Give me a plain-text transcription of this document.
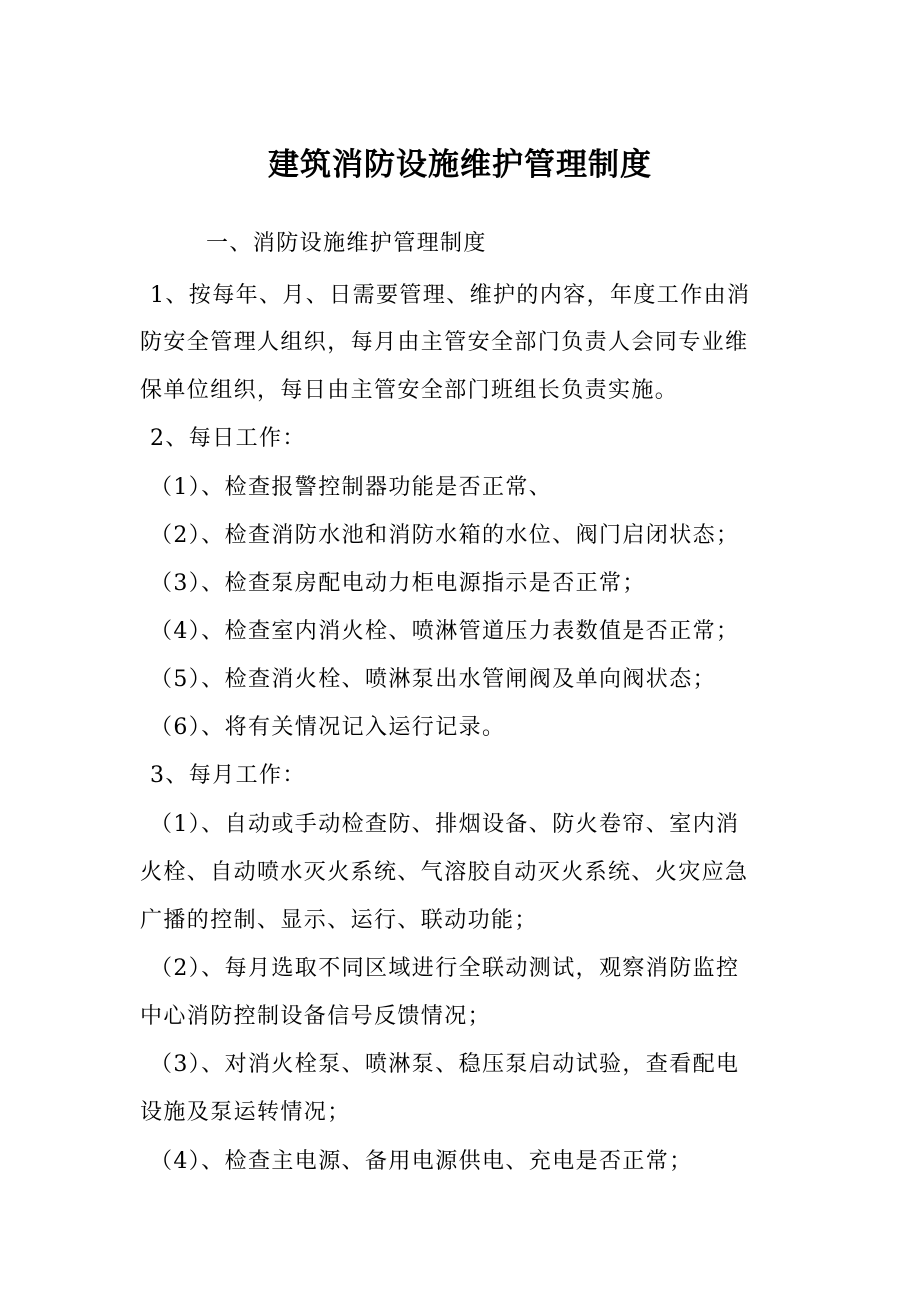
建筑消防设施维护管理制度

一、消防设施维护管理制度

1、按每年、月、日需要管理、维护的内容，年度工作由消

防安全管理人组织，每月由主管安全部门负责人会同专业维

保单位组织，每日由主管安全部门班组长负责实施。

2、每日工作：

（1）、检查报警控制器功能是否正常、

（2）、检查消防水池和消防水箱的水位、阀门启闭状态；

（3）、检查泵房配电动力柜电源指示是否正常；

（4）、检查室内消火栓、喷淋管道压力表数值是否正常；

（5）、检查消火栓、喷淋泵出水管闸阀及单向阀状态；

（6）、将有关情况记入运行记录。

3、每月工作：

（1）、自动或手动检查防、排烟设备、防火卷帘、室内消

火栓、自动喷水灭火系统、气溶胶自动灭火系统、火灾应急

广播的控制、显示、运行、联动功能；

（2）、每月选取不同区域进行全联动测试，观察消防监控

中心消防控制设备信号反馈情况；

（3）、对消火栓泵、喷淋泵、稳压泵启动试验，查看配电

设施及泵运转情况；

（4）、检查主电源、备用电源供电、充电是否正常；
